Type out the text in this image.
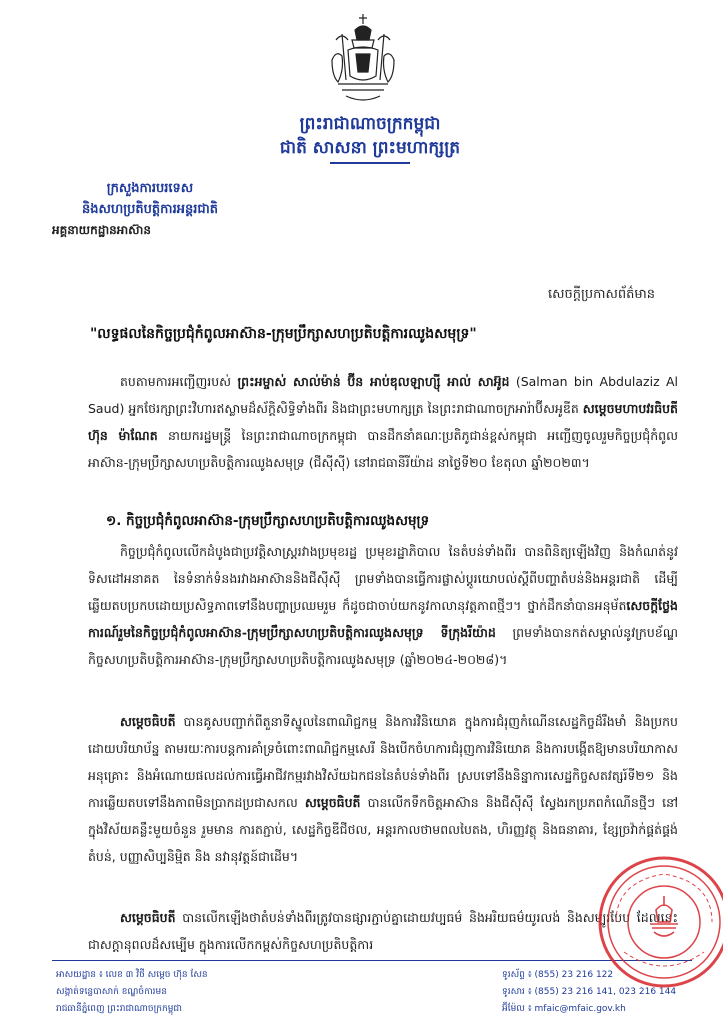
ព្រះរាជាណាចក្រកម្ពុជា
ជាតិ សាសនា ព្រះមហាក្សត្រ
ក្រសួងការបរទេស
និងសហប្រតិបត្តិការអន្តរជាតិ
អគ្គនាយកដ្ឋានអាស៊ាន
សេចក្តីប្រកាសព័ត៌មាន
"លទ្ធផលនៃកិច្ចប្រជុំកំពូលអាស៊ាន-ក្រុមប្រឹក្សាសហប្រតិបត្តិការឈូងសមុទ្រ"
តបតាមការអញ្ជើញរបស់ ព្រះអម្ចាស់ សាល់ម៉ាន់ ប៊ីន អាប់ឌុលឡាហ្ស៊ី អាល់ សាអ៊ូដ (Salman bin Abdulaziz Al Saud) អ្នកថែរក្សាព្រះវិហារឥស្លាមដ៏ស័ក្តិសិទ្ធិទាំងពីរ និងជាព្រះមហាក្សត្រ នៃព្រះរាជាណាចក្រអារ៉ាប៊ីសអូឌីត សម្តេចមហាបវរធិបតី ហ៊ុន ម៉ាណែត នាយករដ្ឋមន្ត្រី នៃព្រះរាជាណាចក្រកម្ពុជា បានដឹកនាំគណៈប្រតិភូជាន់ខ្ពស់កម្ពុជា អញ្ជើញចូលរួមកិច្ចប្រជុំកំពូលអាស៊ាន-ក្រុមប្រឹក្សាសហប្រតិបត្តិការឈូងសមុទ្រ (ជីស៊ីស៊ី) នៅរាជធានីរីយ៉ាដ នាថ្ងៃទី២០ ខែតុលា ឆ្នាំ២០២៣។
១. កិច្ចប្រជុំកំពូលអាស៊ាន-ក្រុមប្រឹក្សាសហប្រតិបត្តិការឈូងសមុទ្រ
កិច្ចប្រជុំកំពូលលើកដំបូងជាប្រវត្តិសាស្ត្ររវាងប្រមុខរដ្ឋ ប្រមុខរដ្ឋាភិបាល នៃតំបន់ទាំងពីរ បានពិនិត្យឡើងវិញ និងកំណត់នូវទិសដៅអនាគត នៃទំនាក់ទំនងរវាងអាស៊ាននិងជីស៊ីស៊ី ព្រមទាំងបានធ្វើការផ្លាស់ប្តូរយោបល់ស្តីពីបញ្ហាតំបន់និងអន្តរជាតិ ដើម្បីឆ្លើយតបប្រកបដោយប្រសិទ្ធភាពទៅនឹងបញ្ហាប្រឈមរួម ក៏ដូចជាចាប់យកនូវកាលានុវត្តភាពថ្មីៗ។ ថ្នាក់ដឹកនាំបានអនុម័តសេចក្តីថ្លែងការណ៍រួមនៃកិច្ចប្រជុំកំពូលអាស៊ាន-ក្រុមប្រឹក្សាសហប្រតិបត្តិការឈូងសមុទ្រ ទីក្រុងរីយ៉ាដ ព្រមទាំងបានកត់សម្គាល់នូវក្របខ័ណ្ឌកិច្ចសហប្រតិបត្តិការអាស៊ាន-ក្រុមប្រឹក្សាសហប្រតិបត្តិការឈូងសមុទ្រ (ឆ្នាំ២០២៤-២០២៨)។
សម្តេចធិបតី បានគូសបញ្ជាក់ពីតួនាទីស្នូលនៃពាណិជ្ជកម្ម និងការវិនិយោគ ក្នុងការជំរុញកំណើនសេដ្ឋកិច្ចដ៏រឹងមាំ និងប្រកបដោយបរិយាប័ន្ន តាមរយៈការបន្តការគាំទ្រចំពោះពាណិជ្ជកម្មសេរី និងបើកចំហការជំរុញការវិនិយោគ និងការបង្កើតឱ្យមានបរិយាកាសអនុគ្រោះ និងអំណោយផលដល់ការធ្វើអាជីវកម្មរវាងវិស័យឯកជននៃតំបន់ទាំងពីរ ស្របទៅនឹងនិន្នាការសេដ្ឋកិច្ចសតវត្សរ៍ទី២១ និងការឆ្លើយតបទៅនឹងភាពមិនប្រាកដប្រជាសកល សម្តេចធិបតី បានលើកទឹកចិត្តអាស៊ាន និងជីស៊ីស៊ី ស្វែងរកប្រភពកំណើនថ្មីៗ នៅក្នុងវិស័យគន្លឹះមួយចំនួន រួមមាន ការតភ្ជាប់, សេដ្ឋកិច្ចឌីជីថល, អន្តរកាលថាមពលបៃតង, ហិរញ្ញវត្ថុ និងធនាគារ, ខ្សែច្រវ៉ាក់ផ្គត់ផ្គង់តំបន់, បញ្ញាសិប្បនិម្មិត និង នវានុវត្តន៍ជាដើម។
សម្តេចធិបតី បានលើកឡើងថាតំបន់ទាំងពីរត្រូវបានផ្សារភ្ជាប់គ្នាដោយវប្បធម៌ និងអរិយធម៌យូរលង់ និងសម្បូរបែប ដែលនេះជាសក្តានុពលដ៏សម្បើម ក្នុងការលើកកម្ពស់កិច្ចសហប្រតិបត្តិការ
អាសយដ្ឋាន ៖ លេខ ៣ វិថី សម្តេច ហ៊ុន សែន
សង្កាត់ទន្លេបាសាក់ ខណ្ឌចំការមន
រាជធានីភ្នំពេញ ព្រះរាជាណាចក្រកម្ពុជា
ទូរស័ព្ទ ៖ (855) 23 216 122
ទូរសារ ៖ (855) 23 216 141, 023 216 144
អ៊ីម៉ែល ៖ mfaic@mfaic.gov.kh
